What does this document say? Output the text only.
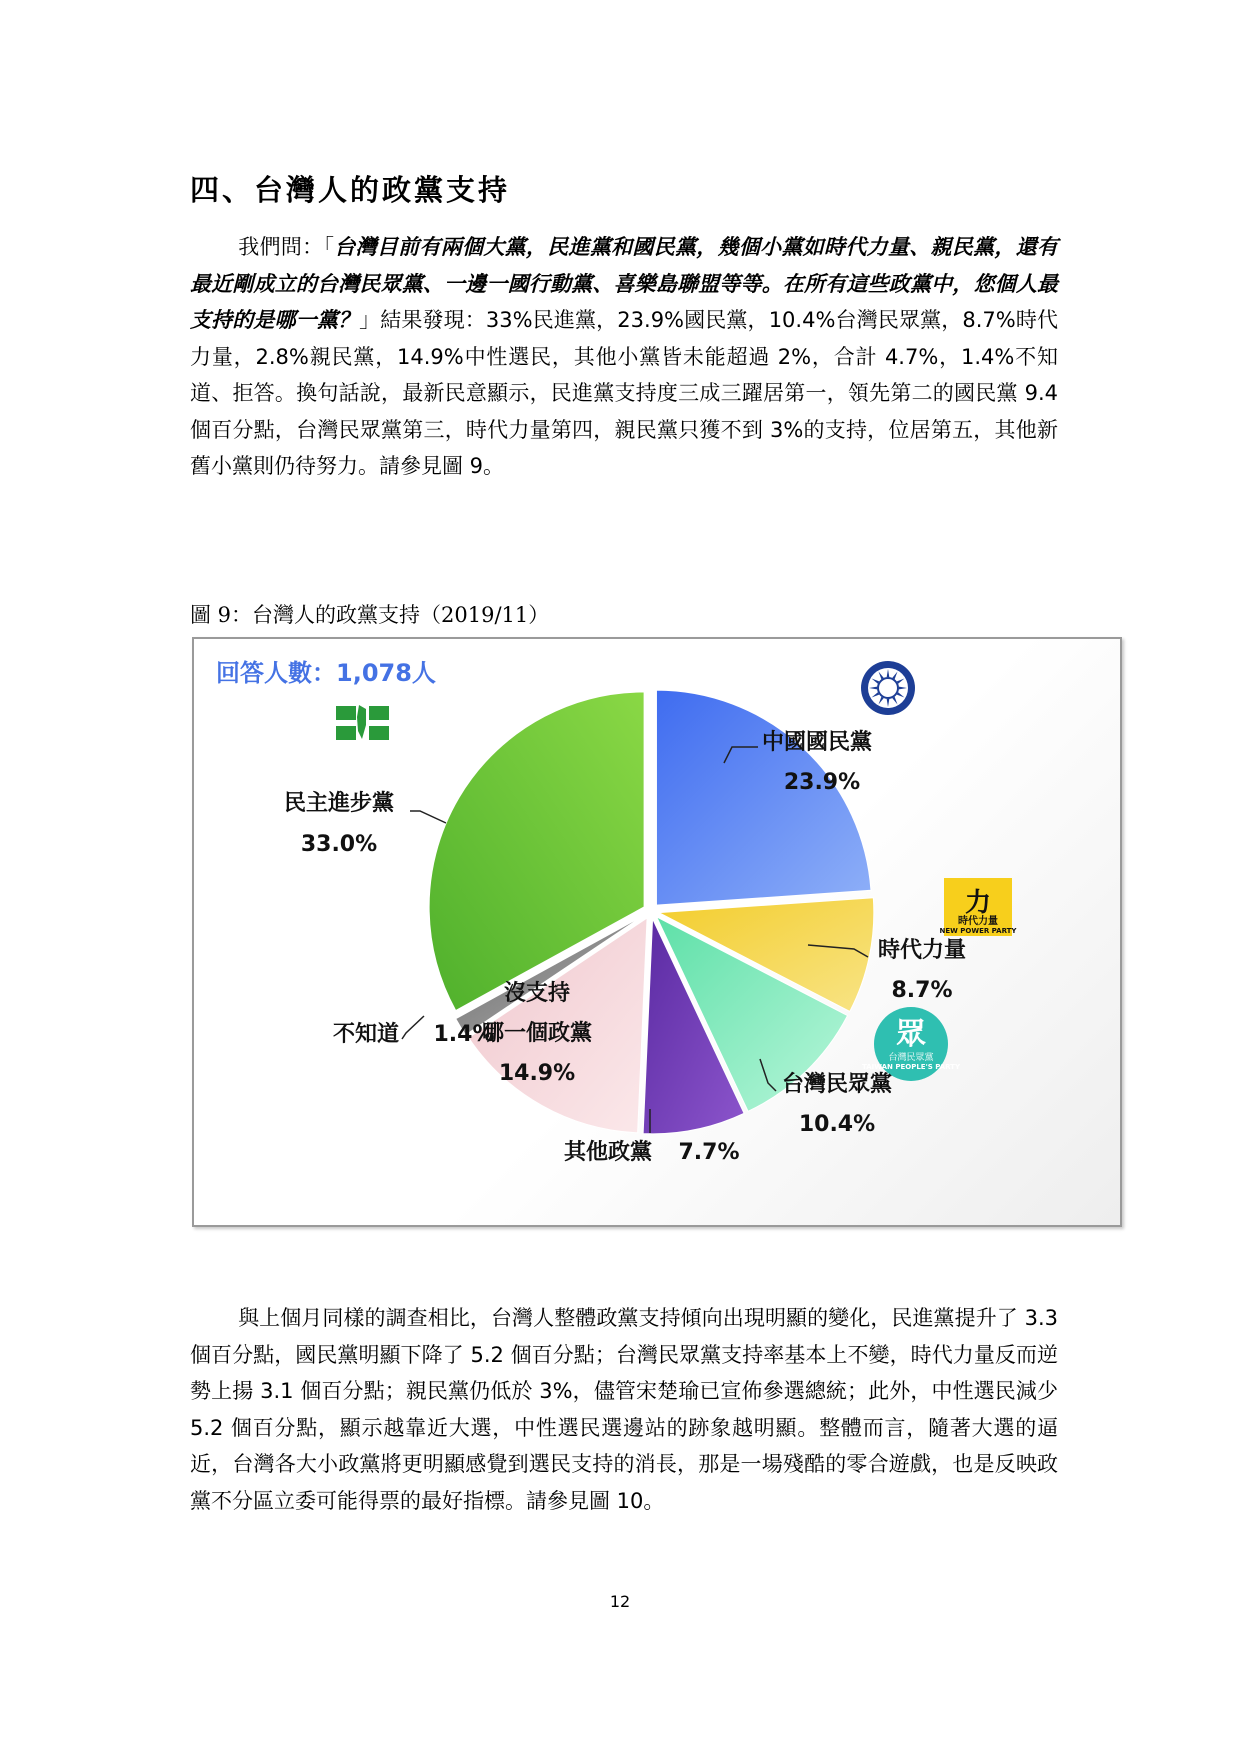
四、台灣人的政黨支持

我們問：「台灣目前有兩個大黨，民進黨和國民黨，幾個小黨如時代力量、親民黨，還有最近剛成立的台灣民眾黨、一邊一國行動黨、喜樂島聯盟等等。在所有這些政黨中，您個人最支持的是哪一黨？」結果發現：33%民進黨，23.9%國民黨，10.4%台灣民眾黨，8.7%時代力量，2.8%親民黨，14.9%中性選民，其他小黨皆未能超過 2%，合計 4.7%，1.4%不知道、拒答。換句話說，最新民意顯示，民進黨支持度三成三躍居第一，領先第二的國民黨 9.4 個百分點，台灣民眾黨第三，時代力量第四，親民黨只獲不到 3%的支持，位居第五，其他新舊小黨則仍待努力。請參見圖 9。

圖 9：台灣人的政黨支持（2019/11）
回答人數：1,078人
力
時代力量
NEW POWER PARTY
眾
台灣民眾黨
TAIWAN PEOPLE'S PARTY
中國國民黨
23.9%
時代力量
8.7%
台灣民眾黨
10.4%
其他政黨 7.7%
沒支持
哪一個政黨
14.9%
不知道 1.4%
民主進步黨
33.0%

與上個月同樣的調查相比，台灣人整體政黨支持傾向出現明顯的變化，民進黨提升了 3.3 個百分點，國民黨明顯下降了 5.2 個百分點；台灣民眾黨支持率基本上不變，時代力量反而逆勢上揚 3.1 個百分點；親民黨仍低於 3%，儘管宋楚瑜已宣佈參選總統；此外，中性選民減少 5.2 個百分點，顯示越靠近大選，中性選民選邊站的跡象越明顯。整體而言，隨著大選的逼近，台灣各大小政黨將更明顯感覺到選民支持的消長，那是一場殘酷的零合遊戲，也是反映政黨不分區立委可能得票的最好指標。請參見圖 10。

12
